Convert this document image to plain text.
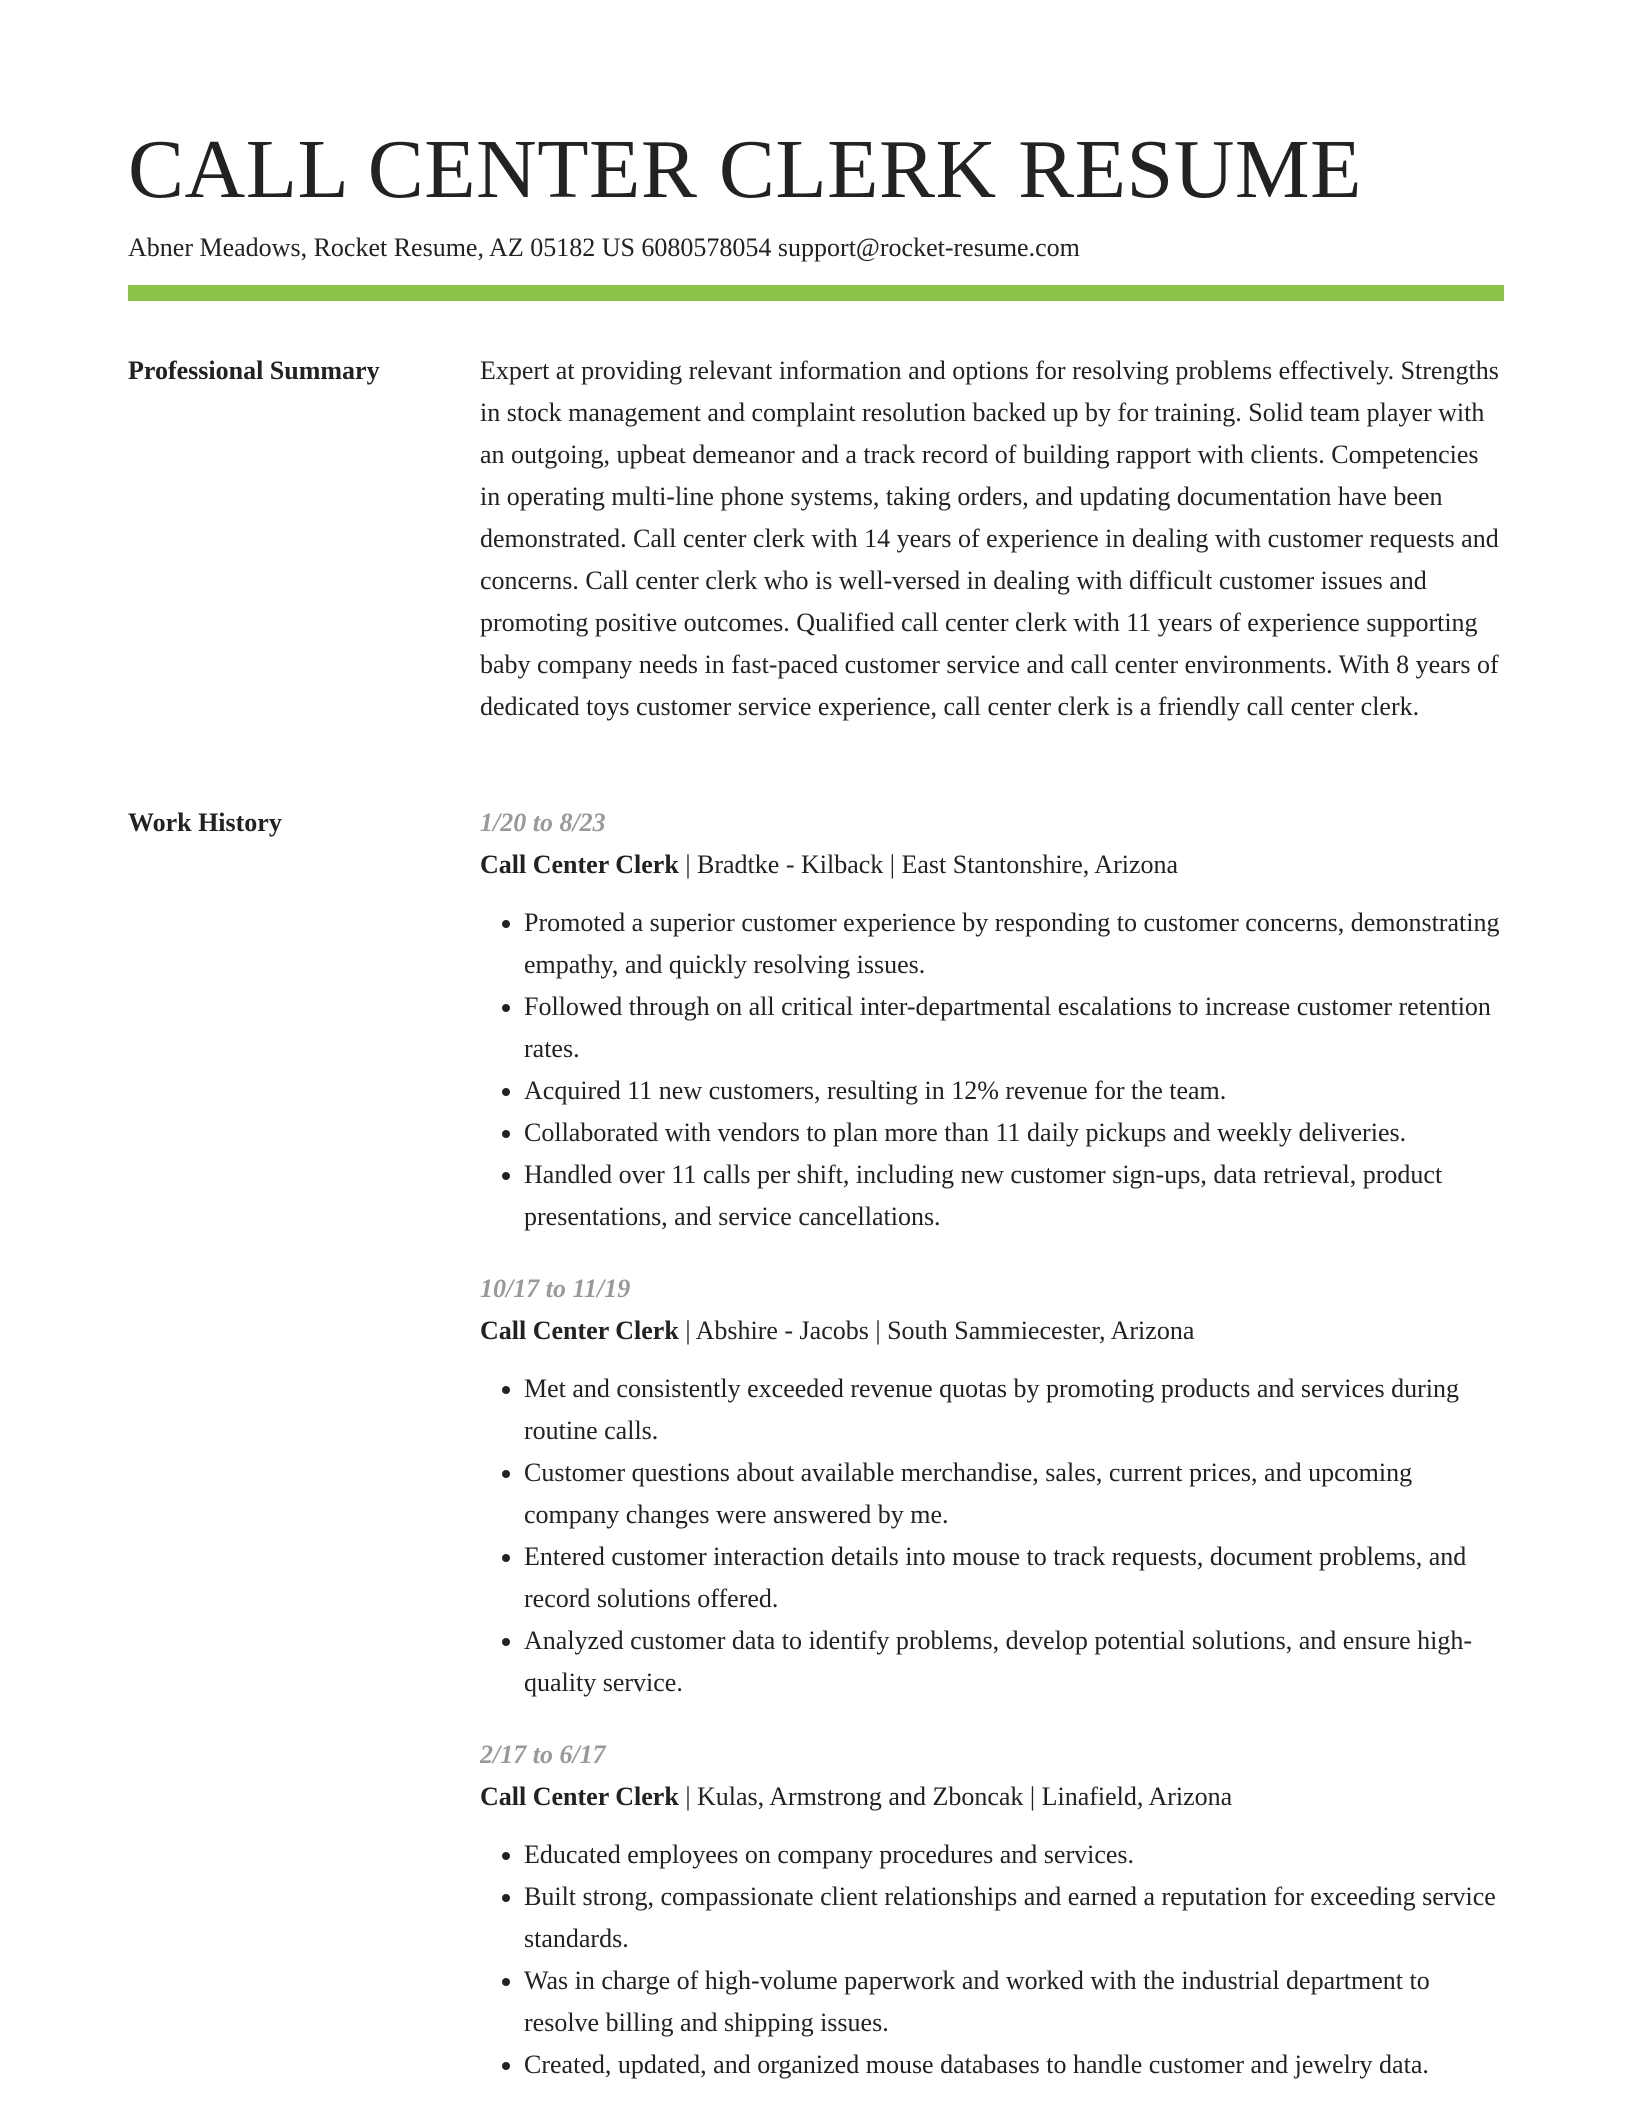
CALL CENTER CLERK RESUME
Abner Meadows, Rocket Resume, AZ 05182 US 6080578054 support@rocket-resume.com
Professional Summary	Expert at providing relevant information and options for resolving problems effectively. Strengths in stock management and complaint resolution backed up by for training. Solid team player with an outgoing, upbeat demeanor and a track record of building rapport with clients. Competencies in operating multi-line phone systems, taking orders, and updating documentation have been demonstrated. Call center clerk with 14 years of experience in dealing with customer requests and concerns. Call center clerk who is well-versed in dealing with difficult customer issues and promoting positive outcomes. Qualified call center clerk with 11 years of experience supporting baby company needs in fast-paced customer service and call center environments. With 8 years of dedicated toys customer service experience, call center clerk is a friendly call center clerk.

Work History	1/20 to 8/23
Call Center Clerk | Bradtke - Kilback | East Stantonshire, Arizona
• Promoted a superior customer experience by responding to customer concerns, demonstrating empathy, and quickly resolving issues.
• Followed through on all critical inter-departmental escalations to increase customer retention rates.
• Acquired 11 new customers, resulting in 12% revenue for the team.
• Collaborated with vendors to plan more than 11 daily pickups and weekly deliveries.
• Handled over 11 calls per shift, including new customer sign-ups, data retrieval, product presentations, and service cancellations.
10/17 to 11/19
Call Center Clerk | Abshire - Jacobs | South Sammiecester, Arizona
• Met and consistently exceeded revenue quotas by promoting products and services during routine calls.
• Customer questions about available merchandise, sales, current prices, and upcoming company changes were answered by me.
• Entered customer interaction details into mouse to track requests, document problems, and record solutions offered.
• Analyzed customer data to identify problems, develop potential solutions, and ensure high-quality service.
2/17 to 6/17
Call Center Clerk | Kulas, Armstrong and Zboncak | Linafield, Arizona
• Educated employees on company procedures and services.
• Built strong, compassionate client relationships and earned a reputation for exceeding service standards.
• Was in charge of high-volume paperwork and worked with the industrial department to resolve billing and shipping issues.
• Created, updated, and organized mouse databases to handle customer and jewelry data.
